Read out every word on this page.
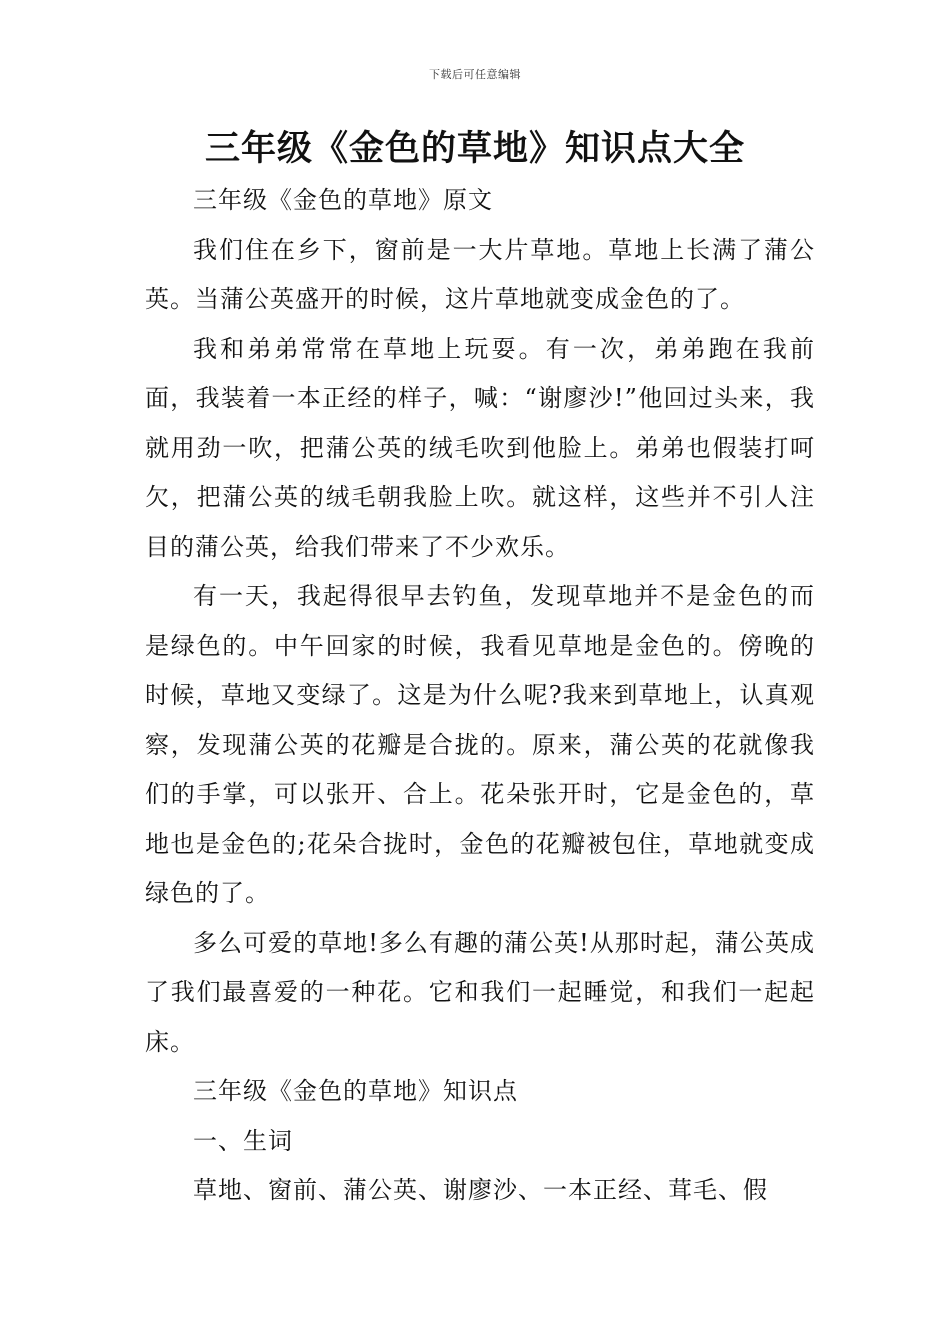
下载后可任意编辑
三年级《金色的草地》知识点大全

三年级《金色的草地》原文

我们住在乡下，窗前是一大片草地。草地上长满了蒲公英。当蒲公英盛开的时候，这片草地就变成金色的了。

我和弟弟常常在草地上玩耍。有一次，弟弟跑在我前面，我装着一本正经的样子，喊：“谢廖沙!”他回过头来，我就用劲一吹，把蒲公英的绒毛吹到他脸上。弟弟也假装打呵欠，把蒲公英的绒毛朝我脸上吹。就这样，这些并不引人注目的蒲公英，给我们带来了不少欢乐。

有一天，我起得很早去钓鱼，发现草地并不是金色的而是绿色的。中午回家的时候，我看见草地是金色的。傍晚的时候，草地又变绿了。这是为什么呢?我来到草地上，认真观察，发现蒲公英的花瓣是合拢的。原来，蒲公英的花就像我们的手掌，可以张开、合上。花朵张开时，它是金色的，草地也是金色的;花朵合拢时，金色的花瓣被包住，草地就变成绿色的了。

多么可爱的草地!多么有趣的蒲公英!从那时起，蒲公英成了我们最喜爱的一种花。它和我们一起睡觉，和我们一起起床。

三年级《金色的草地》知识点

一、生词

草地、窗前、蒲公英、谢廖沙、一本正经、茸毛、假
